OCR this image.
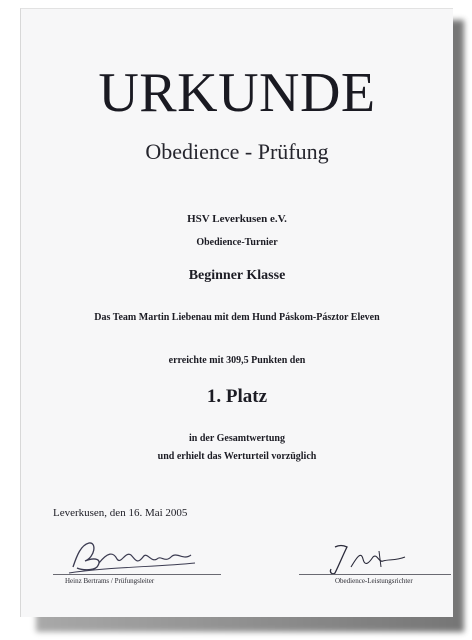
URKUNDE
Obedience - Prüfung
HSV Leverkusen e.V.
Obedience-Turnier
Beginner Klasse
Das Team Martin Liebenau mit dem Hund Páskom-Pásztor Eleven
erreichte mit 309,5 Punkten den
1. Platz
in der Gesamtwertung
und erhielt das Werturteil vorzüglich
Leverkusen, den 16. Mai 2005
Heinz Bertrams / Prüfungsleiter	Obedience-Leistungsrichter
